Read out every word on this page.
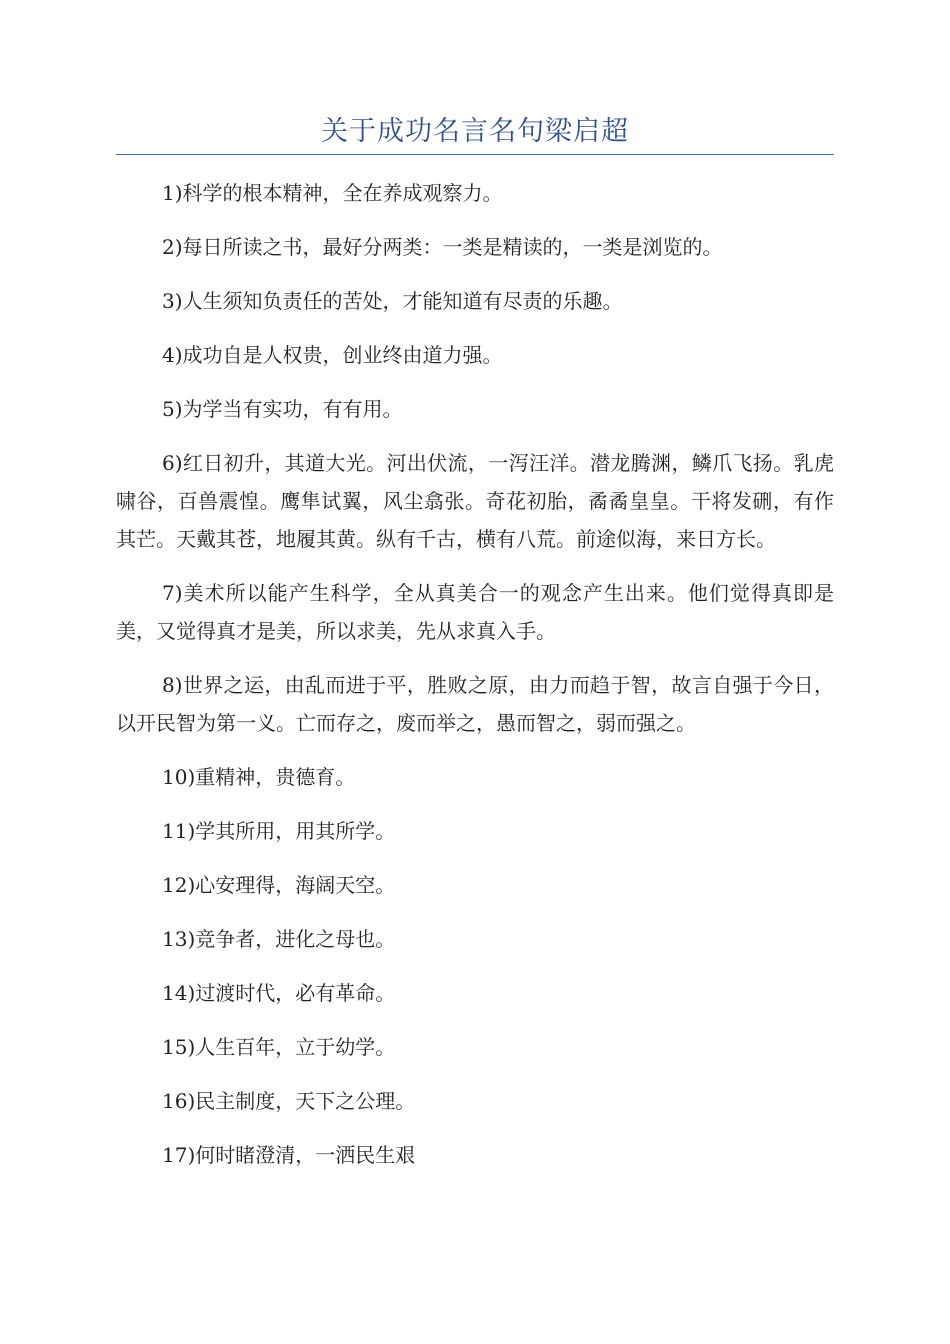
关于成功名言名句梁启超

1)科学的根本精神，全在养成观察力。

2)每日所读之书，最好分两类：一类是精读的，一类是浏览的。

3)人生须知负责任的苦处，才能知道有尽责的乐趣。

4)成功自是人权贵，创业终由道力强。

5)为学当有实功，有有用。

6)红日初升，其道大光。河出伏流，一泻汪洋。潜龙腾渊，鳞爪飞扬。乳虎啸谷，百兽震惶。鹰隼试翼，风尘翕张。奇花初胎，矞矞皇皇。干将发硎，有作其芒。天戴其苍，地履其黄。纵有千古，横有八荒。前途似海，来日方长。

7)美术所以能产生科学，全从真美合一的观念产生出来。他们觉得真即是美，又觉得真才是美，所以求美，先从求真入手。

8)世界之运，由乱而进于平，胜败之原，由力而趋于智，故言自强于今日，以开民智为第一义。亡而存之，废而举之，愚而智之，弱而强之。

10)重精神，贵德育。

11)学其所用，用其所学。

12)心安理得，海阔天空。

13)竞争者，进化之母也。

14)过渡时代，必有革命。

15)人生百年，立于幼学。

16)民主制度，天下之公理。

17)何时睹澄清，一洒民生艰
